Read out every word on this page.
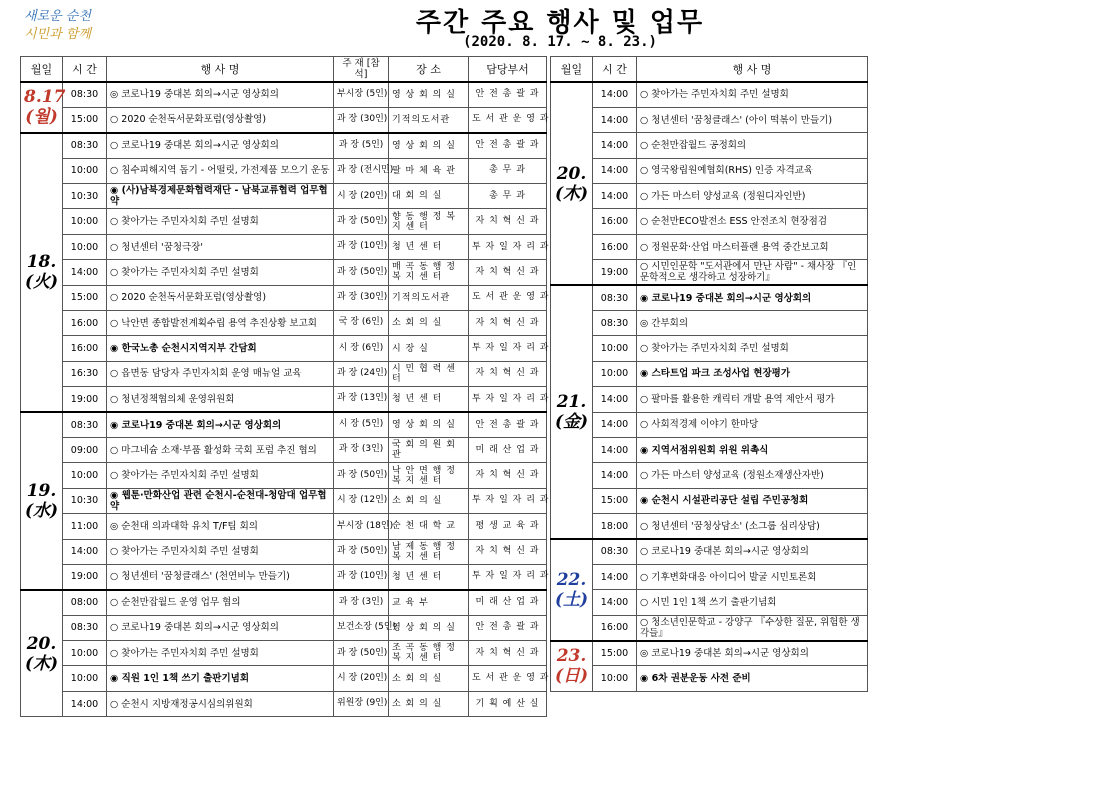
새로운 순천
시민과 함께	주간 주요 행사 및 업무
(2020. 8. 17. ~ 8. 23.)
월일	시 간	행 사 명	주 재 [참석]	장 소	담당부서
8.17 (월)	08:30	◎ 코로나19 중대본 회의→시군 영상회의	부시장 (5인)	영 상 회 의 실	안 전 총 괄 과
	15:00	○ 2020 순천독서문화포럼(영상촬영)	과 장 (30인)	기적의도서관	도 서 관 운 영 과
18. (火)	08:30	○ 코로나19 중대본 회의→시군 영상회의	과 장 (5인)	영 상 회 의 실	안 전 총 괄 과
	10:00	○ 침수피해지역 돕기 - 어떨릿, 가전제품 모으기 운동	과 장 (전시민)	팔 마 체 육 관	총 무 과
	10:30	◉ (사)남북경제문화협력재단 - 남북교류협력 업무협약	시 장 (20인)	대 회 의 실	총 무 과
	10:00	○ 찾아가는 주민자치회 주민 설명회	과 장 (50인)	향 동 행 정 복 지 센 터	자 치 혁 신 과
	10:00	○ 청년센터 '꿈청극장'	과 장 (10인)	청 년 센 터	투 자 일 자 리 과
	14:00	○ 찾아가는 주민자치회 주민 설명회	과 장 (50인)	매 곡 동 행 정 복 지 센 터	자 치 혁 신 과
	15:00	○ 2020 순천독서문화포럼(영상촬영)	과 장 (30인)	기적의도서관	도 서 관 운 영 과
	16:00	○ 낙안면 종합발전계획수립 용역 추진상황 보고회	국 장 (6인)	소 회 의 실	자 치 혁 신 과
	16:00	◉ 한국노총 순천시지역지부 간담회	시 장 (6인)	시 장 실	투 자 일 자 리 과
	16:30	○ 읍면동 담당자 주민자치회 운영 매뉴얼 교육	과 장 (24인)	시 민 협 력 센 터	자 치 혁 신 과
	19:00	○ 청년정책협의체 운영위원회	과 장 (13인)	청 년 센 터	투 자 일 자 리 과
19. (水)	08:30	◉ 코로나19 중대본 회의→시군 영상회의	시 장 (5인)	영 상 회 의 실	안 전 총 괄 과
	09:00	○ 마그네슘 소재·부품 활성화 국회 포럼 추진 협의	과 장 (3인)	국 회 의 원 회 관	미 래 산 업 과
	10:00	○ 찾아가는 주민자치회 주민 설명회	과 장 (50인)	낙 안 면 행 정 복 지 센 터	자 치 혁 신 과
	10:30	◉ 웹툰·만화산업 관련 순천시-순천대-청암대 업무협약	시 장 (12인)	소 회 의 실	투 자 일 자 리 과
	11:00	◎ 순천대 의과대학 유치 T/F팀 회의	부시장 (18인)	순 천 대 학 교	평 생 교 육 과
	14:00	○ 찾아가는 주민자치회 주민 설명회	과 장 (50인)	남 제 동 행 정 복 지 센 터	자 치 혁 신 과
	19:00	○ 청년센터 '꿈청클래스' (천연비누 만들기)	과 장 (10인)	청 년 센 터	투 자 일 자 리 과
20. (木)	08:00	○ 순천만잡월드 운영 업무 협의	과 장 (3인)	교 육 부	미 래 산 업 과
	08:30	○ 코로나19 중대본 회의→시군 영상회의	보건소장 (5인)	영 상 회 의 실	안 전 총 괄 과
	10:00	○ 찾아가는 주민자치회 주민 설명회	과 장 (50인)	조 곡 동 행 정 복 지 센 터	자 치 혁 신 과
	10:00	◉ 직원 1인 1책 쓰기 출판기념회	시 장 (20인)	소 회 의 실	도 서 관 운 영 과
	14:00	○ 순천시 지방재정공시심의위원회	위원장 (9인)	소 회 의 실	기 획 예 산 실
월일	시 간	행 사 명
20. (木)	14:00	○ 찾아가는 주민자치회 주민 설명회
	14:00	○ 청년센터 '꿈청클래스' (아이 떡볶이 만들기)
	14:00	○ 순천만잡월드 공정회의
	14:00	○ 영국왕립원예협회(RHS) 인증 자격교육
	14:00	○ 가든 마스터 양성교육 (정원디자인반)
	16:00	○ 순천만ECO발전소 ESS 안전조치 현장점검
	16:00	○ 정원문화·산업 마스터플랜 용역 중간보고회
	19:00	○ 시민인문학 "도서관에서 만난 사람" - 채사장 『인문학적으로 생각하고 성장하기』
21. (金)	08:30	◉ 코로나19 중대본 회의→시군 영상회의
	08:30	◎ 간부회의
	10:00	○ 찾아가는 주민자치회 주민 설명회
	10:00	◉ 스타트업 파크 조성사업 현장평가
	14:00	○ 팔마를 활용한 캐릭터 개발 용역 제안서 평가
	14:00	○ 사회적경제 이야기 한마당
	14:00	◉ 지역서점위원회 위원 위촉식
	14:00	○ 가든 마스터 양성교육 (정원소재생산자반)
	15:00	◉ 순천시 시설관리공단 설립 주민공청회
	18:00	○ 청년센터 '꿈청상담소' (소그룹 심리상담)
22. (土)	08:30	○ 코로나19 중대본 회의→시군 영상회의
	14:00	○ 기후변화대응 아이디어 발굴 시민토론회
	14:00	○ 시민 1인 1책 쓰기 출판기념회
	16:00	○ 청소년인문학교 - 강양구 『수상한 질문, 위험한 생각들』
23. (日)	15:00	◎ 코로나19 중대본 회의→시군 영상회의
	10:00	◉ 6차 권분운동 사전 준비
